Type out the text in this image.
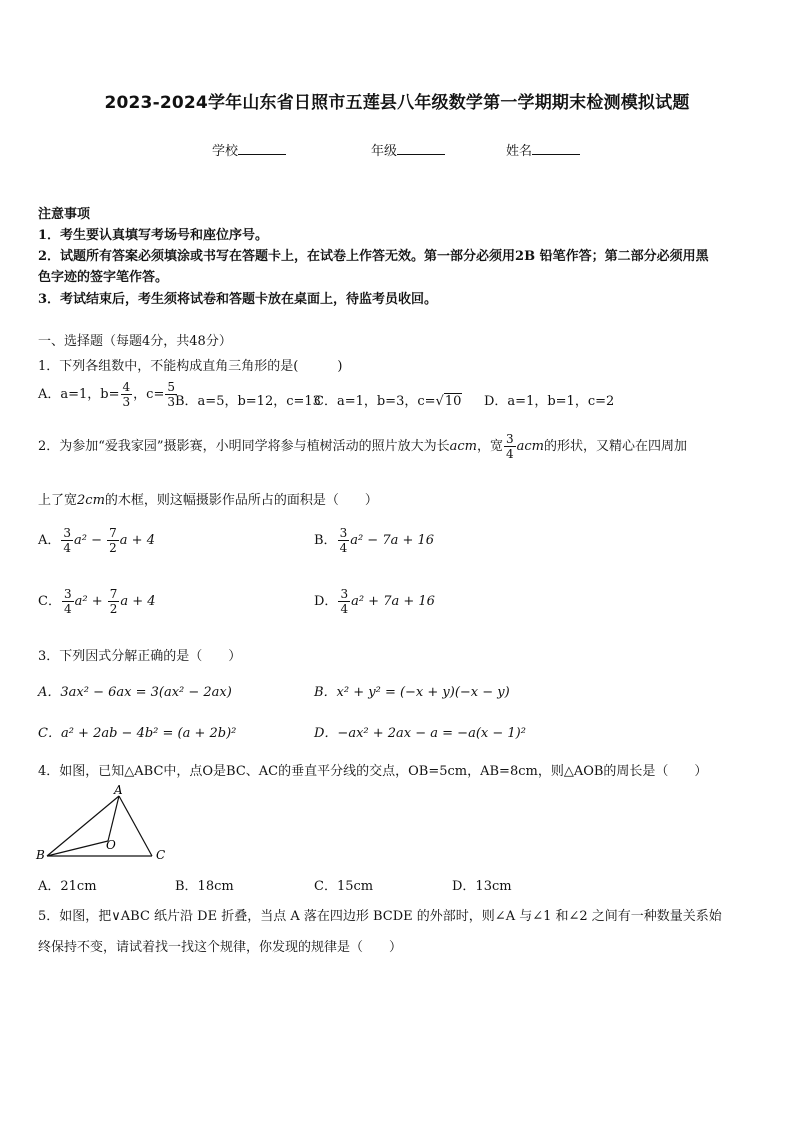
2023-2024学年山东省日照市五莲县八年级数学第一学期期末检测模拟试题
学校	年级	姓名
注意事项
1．考生要认真填写考场号和座位序号。
2．试题所有答案必须填涂或书写在答题卡上，在试卷上作答无效。第一部分必须用2B 铅笔作答；第二部分必须用黑
色字迹的签字笔作答。
3．考试结束后，考生须将试卷和答题卡放在桌面上，待监考员收回。
一、选择题（每题4分，共48分）
1．下列各组数中，不能构成直角三角形的是(　　　)
A．a=1，$b= \frac{4}{3}$ ，$c= \frac{5}{3}$
B．a=5，b=12，c=13
C．a=1，b=3，c=√10 D．a=1，b=1，c=2
2．为参加“爱我家园”摄影赛，小明同学将参与植树活动的照片放大为长acm，宽 $\frac{3}{4}$ acm的形状，又精心在四周加
上了宽2cm的木框，则这幅摄影作品所占的面积是（　　）
A． $\frac{3}{4} a^2 - \frac{7}{2}$ a + 4	B． $\frac{3}{4} a^2 - 7a + 16$
C． $\frac{3}{4} a^2 + \frac{7}{2}$ a + 4	D． $\frac{3}{4} a^2 + 7a + 16$
3．下列因式分解正确的是（　　）
A．3ax² − 6ax = 3(ax² − 2ax)	B．x² + y² = (−x + y)(−x − y)
C．a² + 2ab − 4b² = (a + 2b)²	D．−ax² + 2ax − a = −a(x − 1)²
4．如图，已知△ABC中，点O是BC、AC的垂直平分线的交点，OB=5cm，AB=8cm，则△AOB的周长是（　　）
A
B	C
O
A．21cm	B．18cm	C．15cm	D．13cm
5．如图，把∨ABC 纸片沿 DE 折叠，当点 A 落在四边形 BCDE 的外部时，则∠A 与∠1 和∠2 之间有一种数量关系始
终保持不变，请试着找一找这个规律，你发现的规律是（　　）
